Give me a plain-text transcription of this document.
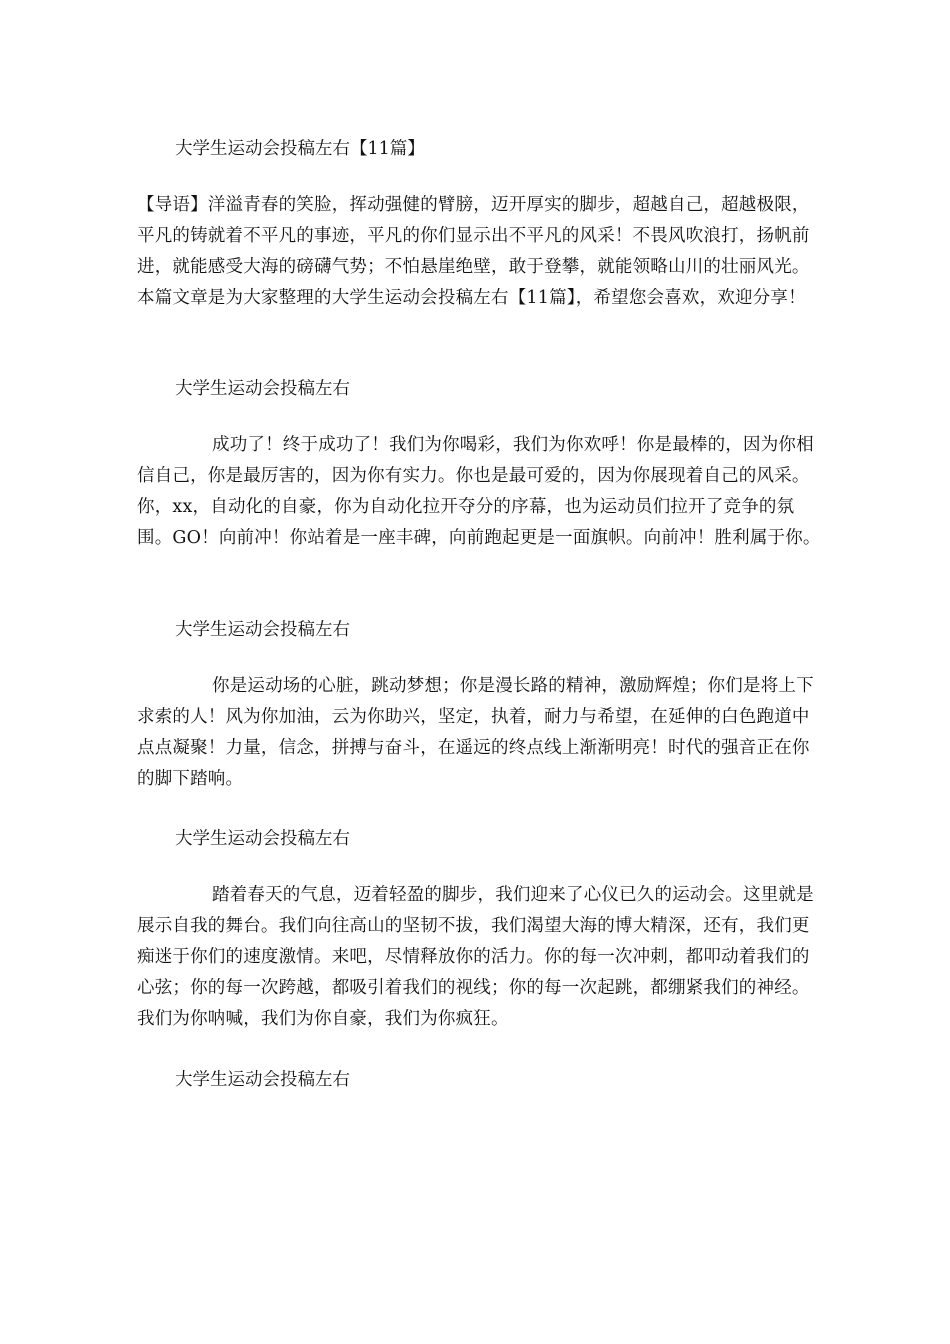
大学生运动会投稿左右【11篇】

【导语】洋溢青春的笑脸，挥动强健的臂膀，迈开厚实的脚步，超越自己，超越极限，平凡的铸就着不平凡的事迹，平凡的你们显示出不平凡的风采！不畏风吹浪打，扬帆前进，就能感受大海的磅礴气势；不怕悬崖绝壁，敢于登攀，就能领略山川的壮丽风光。本篇文章是为大家整理的大学生运动会投稿左右【11篇】，希望您会喜欢，欢迎分享！

大学生运动会投稿左右

成功了！终于成功了！我们为你喝彩，我们为你欢呼！你是最棒的，因为你相信自己，你是最厉害的，因为你有实力。你也是最可爱的，因为你展现着自己的风采。你，xx，自动化的自豪，你为自动化拉开夺分的序幕，也为运动员们拉开了竞争的氛围。GO！向前冲！你站着是一座丰碑，向前跑起更是一面旗帜。向前冲！胜利属于你。

大学生运动会投稿左右

你是运动场的心脏，跳动梦想；你是漫长路的精神，激励辉煌；你们是将上下求索的人！风为你加油，云为你助兴，坚定，执着，耐力与希望，在延伸的白色跑道中点点凝聚！力量，信念，拼搏与奋斗，在遥远的终点线上渐渐明亮！时代的强音正在你的脚下踏响。

大学生运动会投稿左右

踏着春天的气息，迈着轻盈的脚步，我们迎来了心仪已久的运动会。这里就是展示自我的舞台。我们向往高山的坚韧不拔，我们渴望大海的博大精深，还有，我们更痴迷于你们的速度激情。来吧，尽情释放你的活力。你的每一次冲刺，都叩动着我们的心弦；你的每一次跨越，都吸引着我们的视线；你的每一次起跳，都绷紧我们的神经。我们为你呐喊，我们为你自豪，我们为你疯狂。

大学生运动会投稿左右
